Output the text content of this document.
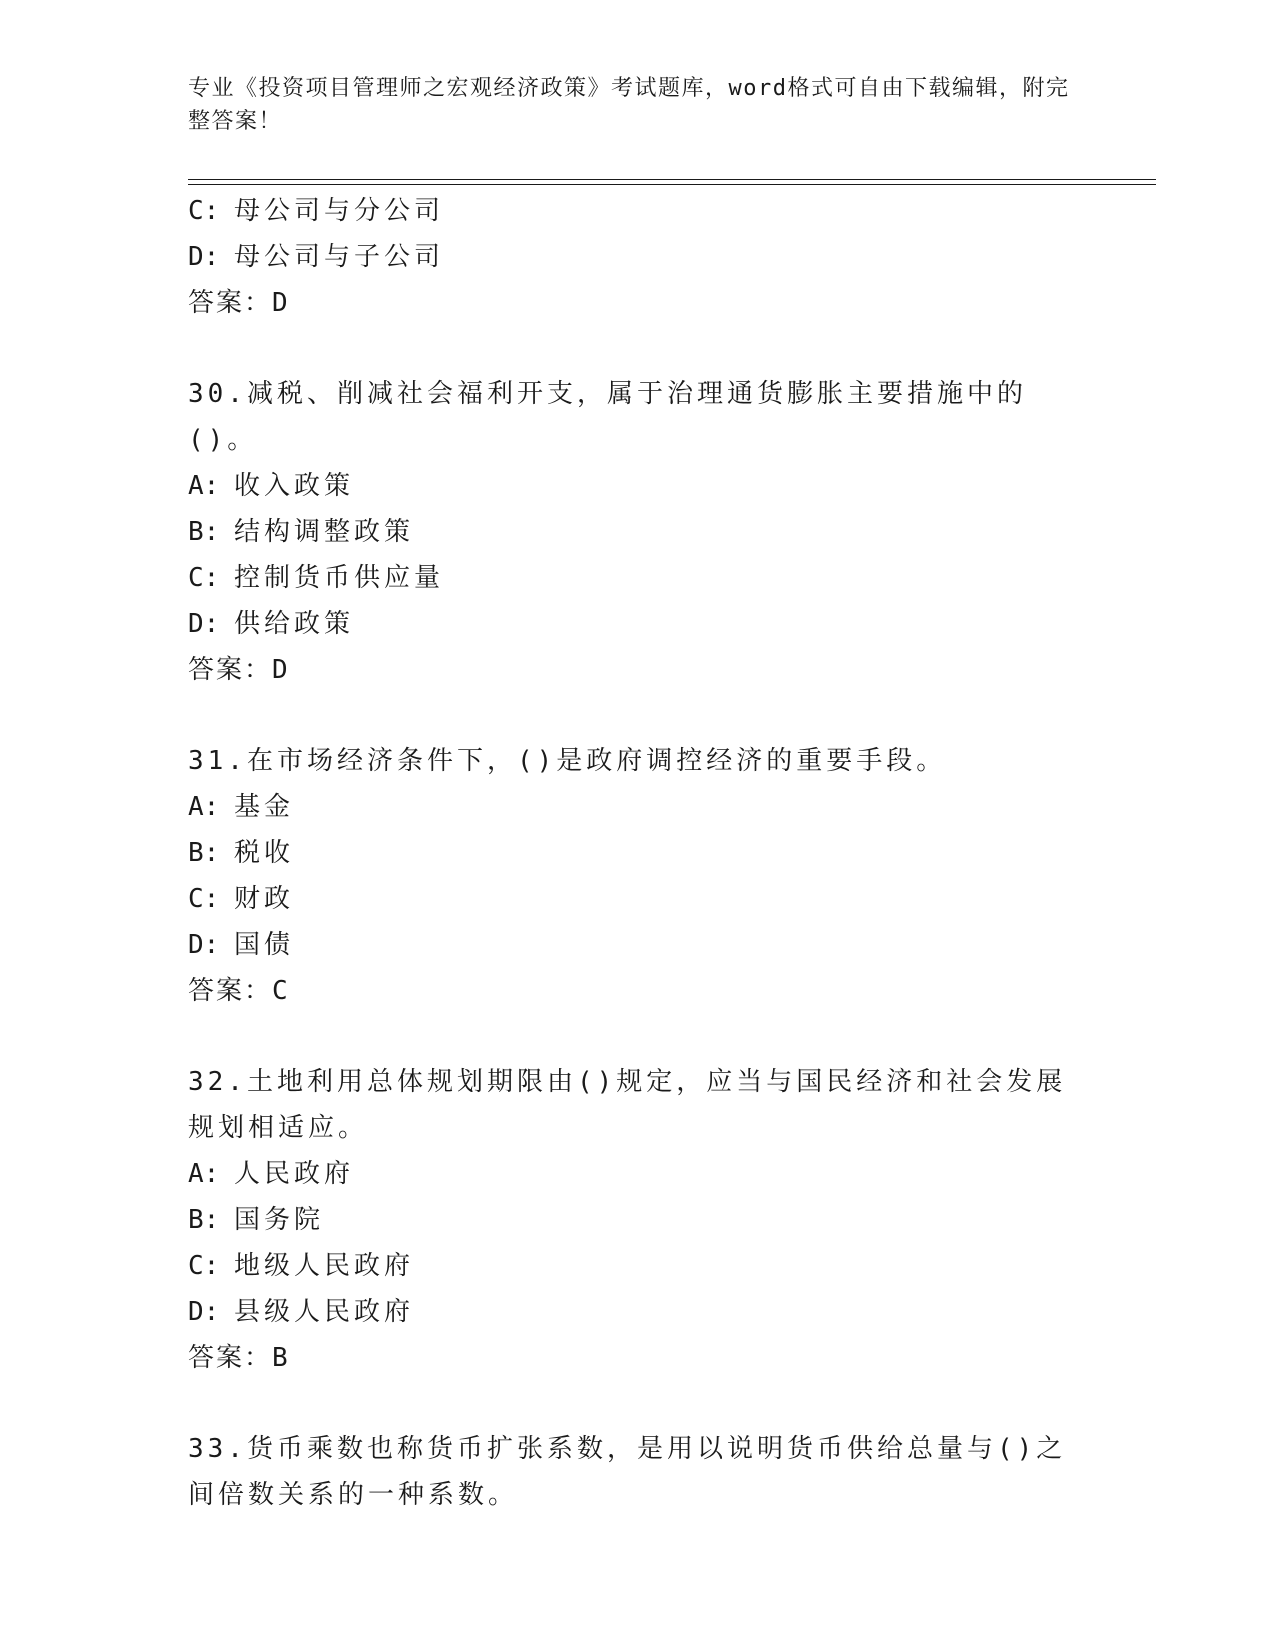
专业《投资项目管理师之宏观经济政策》考试题库，word格式可自由下载编辑，附完整答案！
C: 母公司与分公司
D: 母公司与子公司
答案：D
30.减税、削减社会福利开支，属于治理通货膨胀主要措施中的()。
A: 收入政策
B: 结构调整政策
C: 控制货币供应量
D: 供给政策
答案：D
31.在市场经济条件下，()是政府调控经济的重要手段。
A: 基金
B: 税收
C: 财政
D: 国债
答案：C
32.土地利用总体规划期限由()规定，应当与国民经济和社会发展规划相适应。
A: 人民政府
B: 国务院
C: 地级人民政府
D: 县级人民政府
答案：B
33.货币乘数也称货币扩张系数，是用以说明货币供给总量与()之间倍数关系的一种系数。
